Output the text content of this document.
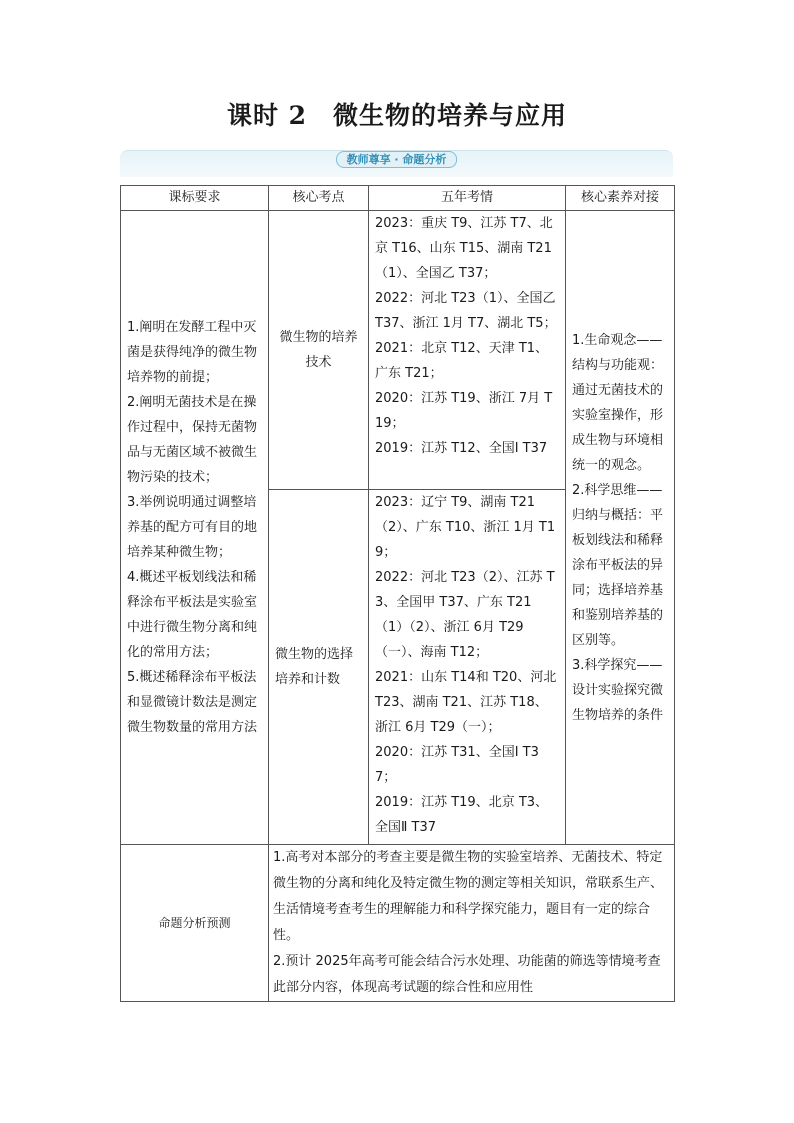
课时 2　微生物的培养与应用
教师尊享 · 命题分析
课标要求	核心考点	五年考情	核心素养对接

1.阐明在发酵工程中灭菌是获得纯净的微生物培养物的前提；
2.阐明无菌技术是在操作过程中，保持无菌物品与无菌区域不被微生物污染的技术；
3.举例说明通过调整培养基的配方可有目的地培养某种微生物；
4.概述平板划线法和稀释涂布平板法是实验室中进行微生物分离和纯化的常用方法；
5.概述稀释涂布平板法和显微镜计数法是测定微生物数量的常用方法	微生物的培养技术	2023：重庆 T9、江苏 T7、北京 T16、山东 T15、湖南 T21（1）、全国乙 T37；
2022：河北 T23（1）、全国乙 T37、浙江 1月 T7、湖北 T5；
2021：北京 T12、天津 T1、广东 T21；
2020：江苏 T19、浙江 7月 T19；
2019：江苏 T12、全国Ⅰ T37	1.生命观念——结构与功能观：通过无菌技术的实验室操作，形成生物与环境相统一的观念。
2.科学思维——归纳与概括：平板划线法和稀释涂布平板法的异同；选择培养基和鉴别培养基的区别等。
3.科学探究——设计实验探究微生物培养的条件

	微生物的选择培养和计数	2023：辽宁 T9、湖南 T21（2）、广东 T10、浙江 1月 T19；
2022：河北 T23（2）、江苏 T3、全国甲 T37、广东 T21（1）（2）、浙江 6月 T29（一）、海南 T12；
2021：山东 T14和 T20、河北 T23、湖南 T21、江苏 T18、浙江 6月 T29（一）；
2020：江苏 T31、全国Ⅰ T37；
2019：江苏 T19、北京 T3、全国Ⅱ T37	

命题分析预测	1.高考对本部分的考查主要是微生物的实验室培养、无菌技术、特定微生物的分离和纯化及特定微生物的测定等相关知识，常联系生产、生活情境考查考生的理解能力和科学探究能力，题目有一定的综合性。
2.预计 2025年高考可能会结合污水处理、功能菌的筛选等情境考查此部分内容，体现高考试题的综合性和应用性		
